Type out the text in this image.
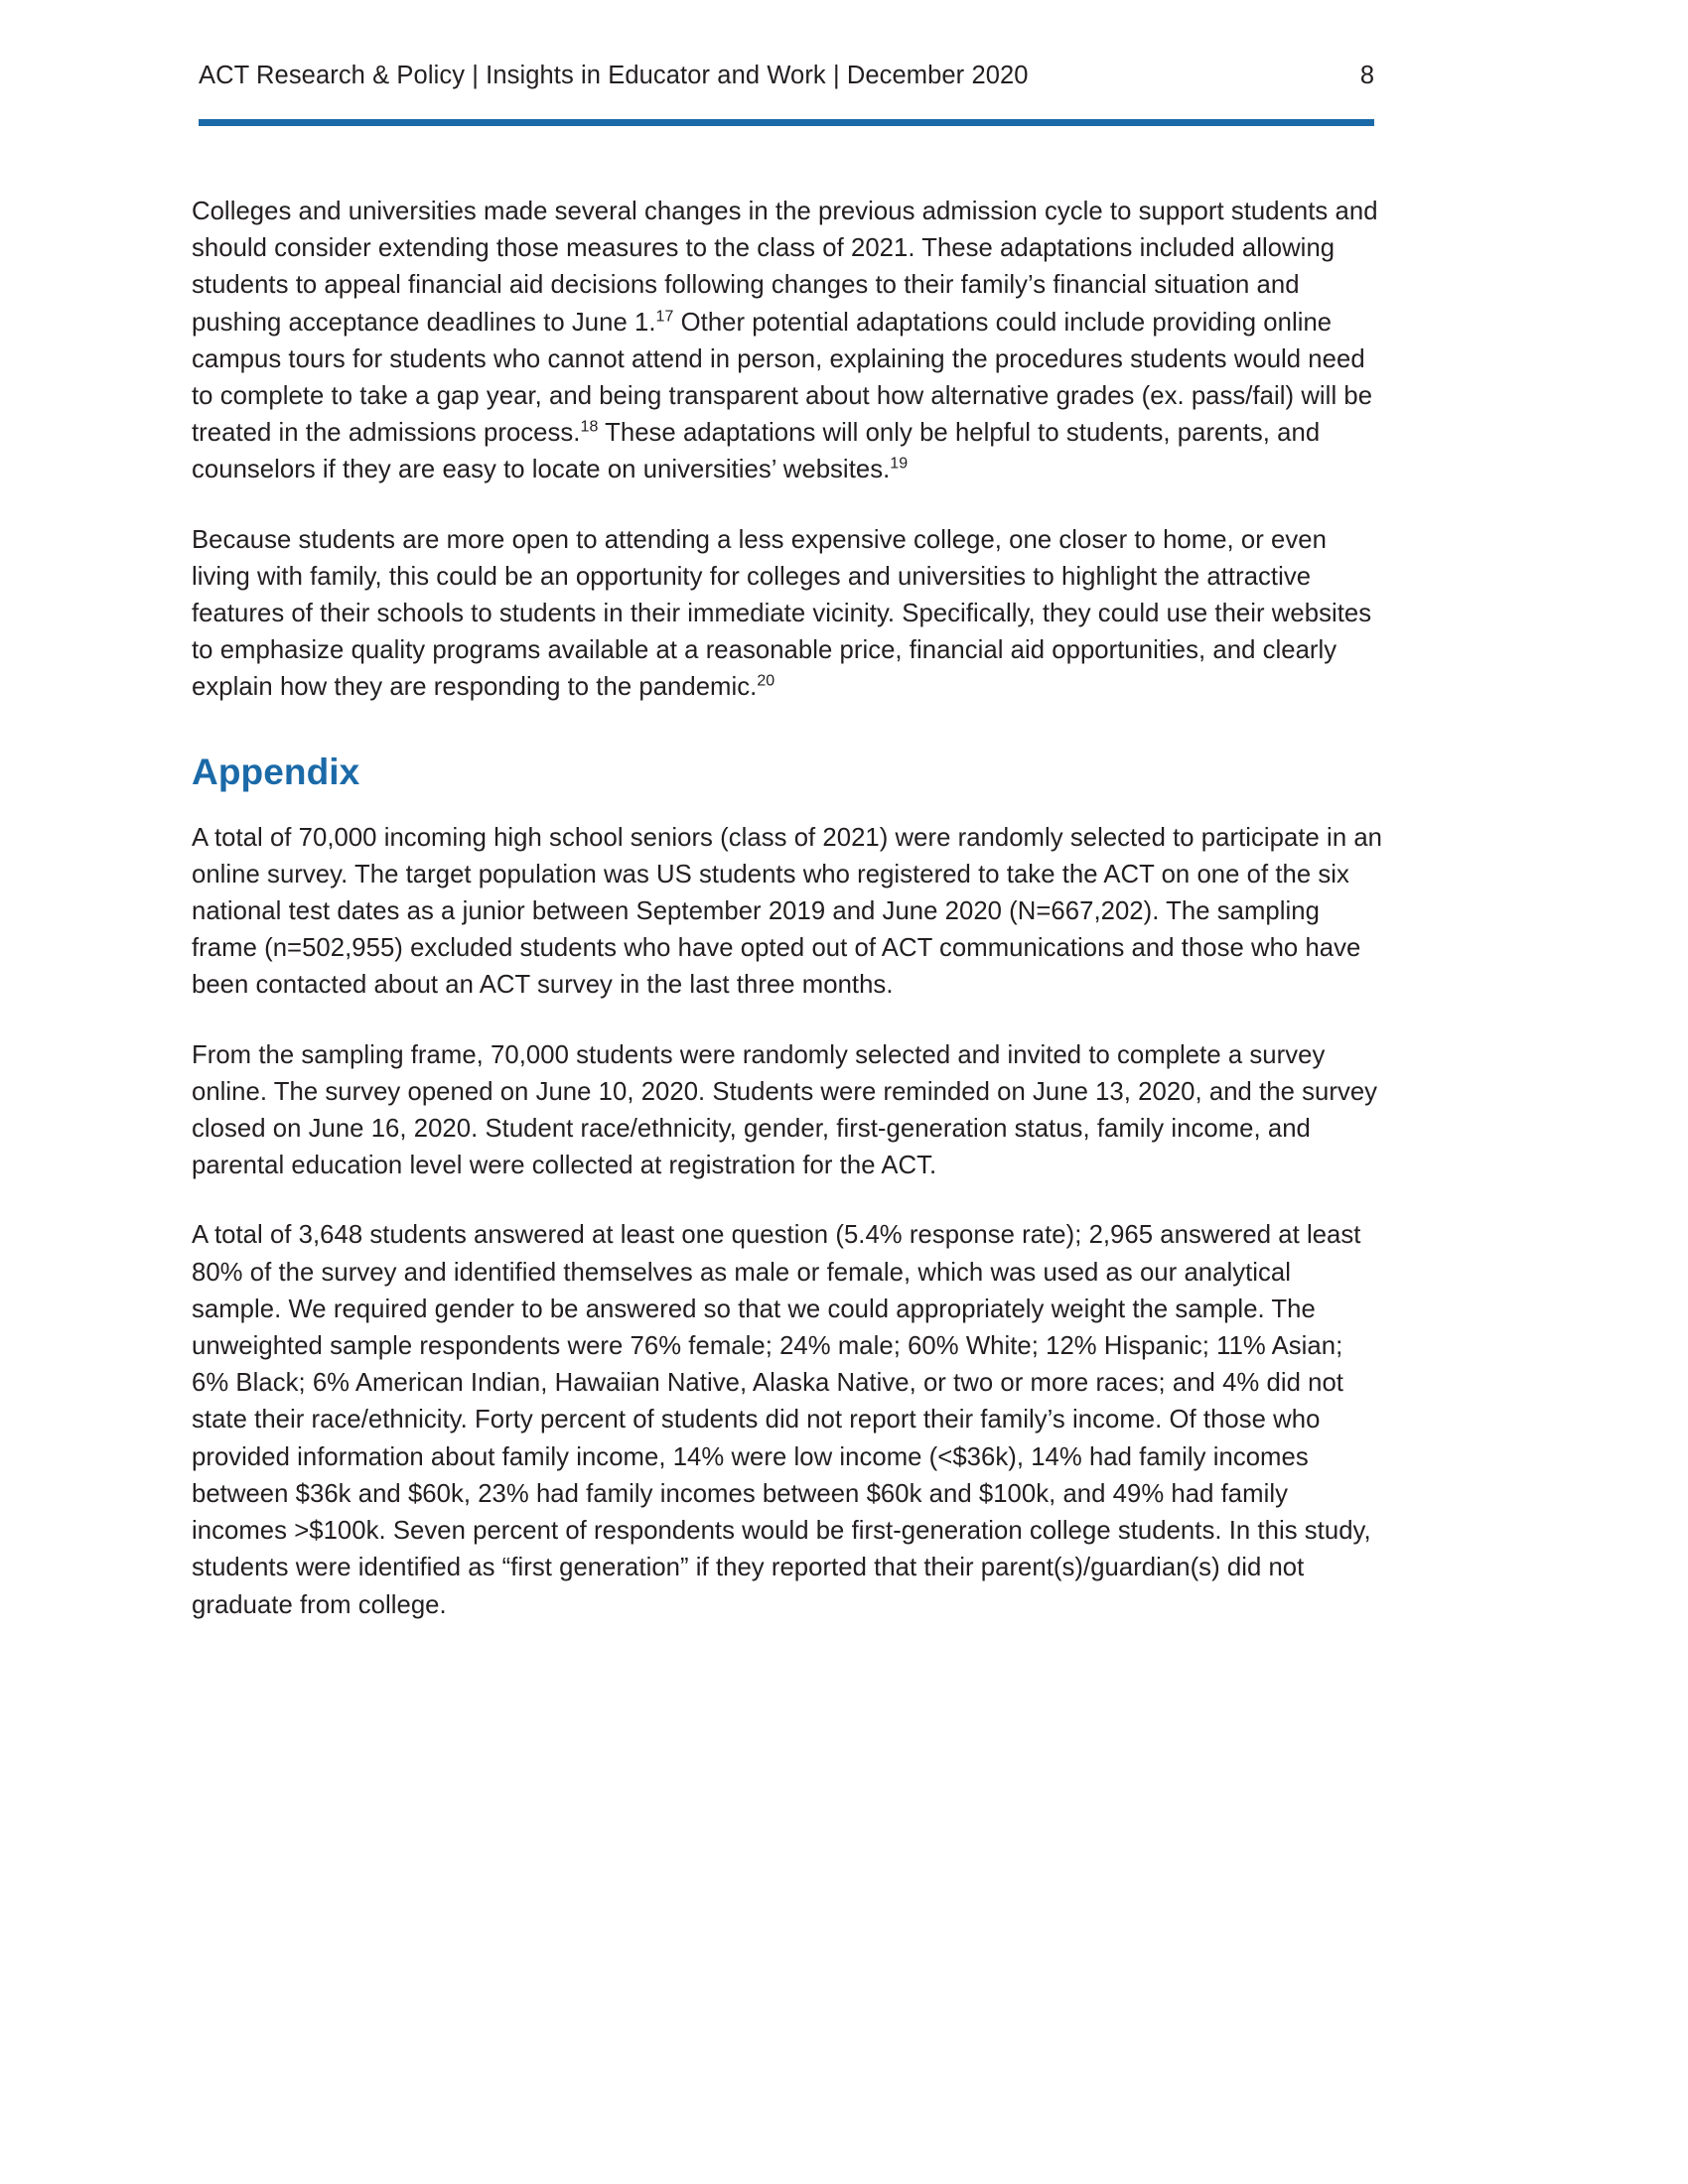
ACT Research & Policy | Insights in Educator and Work | December 2020	8

Colleges and universities made several changes in the previous admission cycle to support students and should consider extending those measures to the class of 2021. These adaptations included allowing students to appeal financial aid decisions following changes to their family’s financial situation and pushing acceptance deadlines to June 1.17 Other potential adaptations could include providing online campus tours for students who cannot attend in person, explaining the procedures students would need to complete to take a gap year, and being transparent about how alternative grades (ex. pass/fail) will be treated in the admissions process.$^{18}$ These adaptations will only be helpful to students, parents, and counselors if they are easy to locate on universities’ websites.$^{19}$

Because students are more open to attending a less expensive college, one closer to home, or even living with family, this could be an opportunity for colleges and universities to highlight the attractive features of their schools to students in their immediate vicinity. Specifically, they could use their websites to emphasize quality programs available at a reasonable price, financial aid opportunities, and clearly explain how they are responding to the pandemic.$^{20}$

Appendix

A total of 70,000 incoming high school seniors (class of 2021) were randomly selected to participate in an online survey. The target population was US students who registered to take the ACT on one of the six national test dates as a junior between September 2019 and June 2020 (N=667,202). The sampling frame (n=502,955) excluded students who have opted out of ACT communications and those who have been contacted about an ACT survey in the last three months.

From the sampling frame, 70,000 students were randomly selected and invited to complete a survey online. The survey opened on June 10, 2020. Students were reminded on June 13, 2020, and the survey closed on June 16, 2020. Student race/ethnicity, gender, first-generation status, family income, and parental education level were collected at registration for the ACT.

A total of 3,648 students answered at least one question (5.4% response rate); 2,965 answered at least 80% of the survey and identified themselves as male or female, which was used as our analytical sample. We required gender to be answered so that we could appropriately weight the sample. The unweighted sample respondents were 76% female; 24% male; 60% White; 12% Hispanic; 11% Asian; 6% Black; 6% American Indian, Hawaiian Native, Alaska Native, or two or more races; and 4% did not state their race/ethnicity. Forty percent of students did not report their family’s income. Of those who provided information about family income, 14% were low income (<$36k), 14% had family incomes between $36k and $60k, 23% had family incomes between $60k and $100k, and 49% had family incomes >$100k. Seven percent of respondents would be first-generation college students. In this study, students were identified as “first generation” if they reported that their parent(s)/guardian(s) did not graduate from college.
